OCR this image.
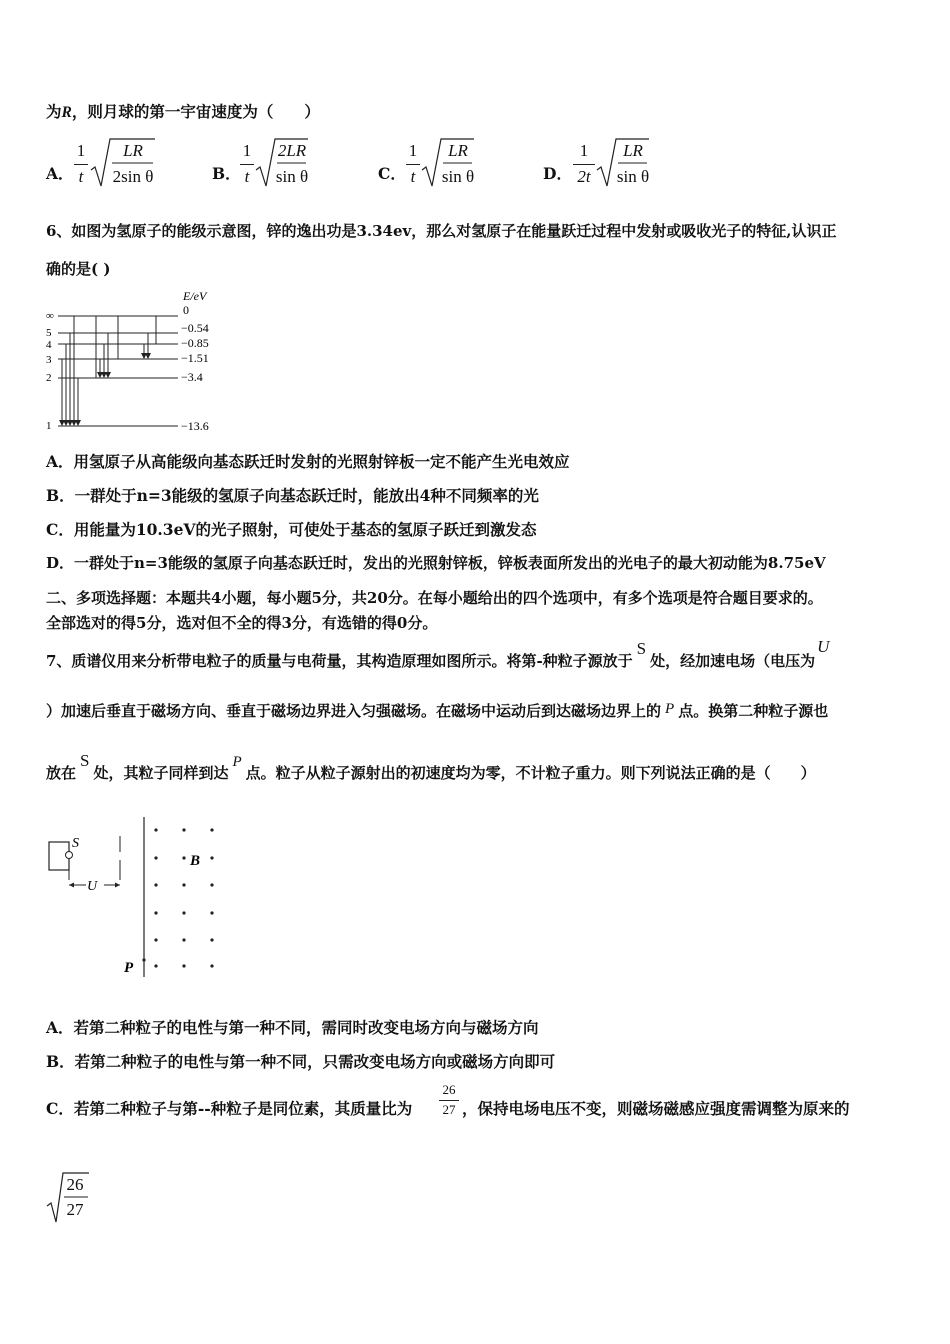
为R，则月球的第一宇宙速度为（　　）
A．
1
t
LR
2sin θ	B．
1
t
2LR
sin θ	C．
1
t
LR
sin θ	D．
1
2t
LR
sin θ
6、如图为氢原子的能级示意图，锌的逸出功是3.34ev，那么对氢原子在能量跃迁过程中发射或吸收光子的特征,认识正
确的是( )
E/eV
∞
5
4
3
2
1
0
−0.54
−0.85
−1.51
−3.4
−13.6
A．用氢原子从高能级向基态跃迁时发射的光照射锌板一定不能产生光电效应
B．一群处于n=3能级的氢原子向基态跃迁时，能放出4种不同频率的光
C．用能量为10.3eV的光子照射，可使处于基态的氢原子跃迁到激发态
D．一群处于n=3能级的氢原子向基态跃迁时，发出的光照射锌板，锌板表面所发出的光电子的最大初动能为8.75eV
二、多项选择题：本题共4小题，每小题5分，共20分。在每小题给出的四个选项中，有多个选项是符合题目要求的。
全部选对的得5分，选对但不全的得3分，有选错的得0分。
7、质谱仪用来分析带电粒子的质量与电荷量，其构造原理如图所示。将第-种粒子源放于S处，经加速电场（电压为U
）加速后垂直于磁场方向、垂直于磁场边界进入匀强磁场。在磁场中运动后到达磁场边界上的 P 点。换第二种粒子源也
放在S处，其粒子同样到达P点。粒子从粒子源射出的初速度均为零，不计粒子重力。则下列说法正确的是（　　）
S
U
B
P
A．若第二种粒子的电性与第一种不同，需同时改变电场方向与磁场方向
B．若第二种粒子的电性与第一种不同，只需改变电场方向或磁场方向即可
C．若第二种粒子与第--种粒子是同位素，其质量比为
26
27 ，保持电场电压不变，则磁场磁感应强度需调整为原来的
26
27
